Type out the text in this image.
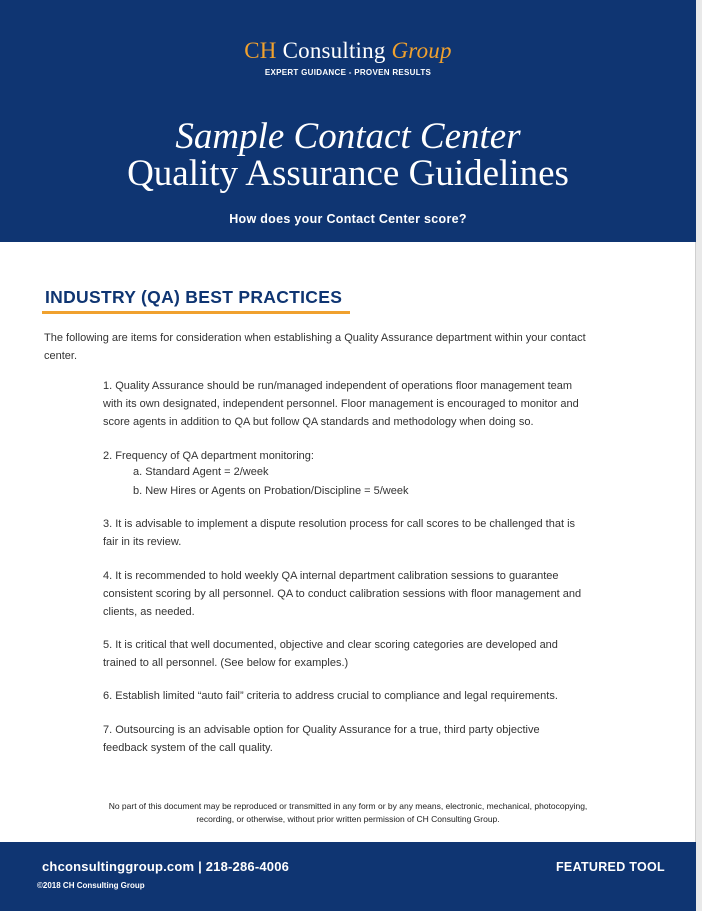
CH Consulting Group
EXPERT GUIDANCE - PROVEN RESULTS
Sample Contact Center
Quality Assurance Guidelines
How does your Contact Center score?
INDUSTRY (QA) BEST PRACTICES
The following are items for consideration when establishing a Quality Assurance department within your contact
center.
1. Quality Assurance should be run/managed independent of operations floor management team
with its own designated, independent personnel. Floor management is encouraged to monitor and
score agents in addition to QA but follow QA standards and methodology when doing so.
2. Frequency of QA department monitoring:
a. Standard Agent = 2/week
b. New Hires or Agents on Probation/Discipline = 5/week
3. It is advisable to implement a dispute resolution process for call scores to be challenged that is
fair in its review.
4. It is recommended to hold weekly QA internal department calibration sessions to guarantee
consistent scoring by all personnel. QA to conduct calibration sessions with floor management and
clients, as needed.
5. It is critical that well documented, objective and clear scoring categories are developed and
trained to all personnel. (See below for examples.)
6. Establish limited “auto fail” criteria to address crucial to compliance and legal requirements.
7. Outsourcing is an advisable option for Quality Assurance for a true, third party objective
feedback system of the call quality.
No part of this document may be reproduced or transmitted in any form or by any means, electronic, mechanical, photocopying,
recording, or otherwise, without prior written permission of CH Consulting Group.
chconsultinggroup.com | 218-286-4006
©2018 CH Consulting Group
FEATURED TOOL
